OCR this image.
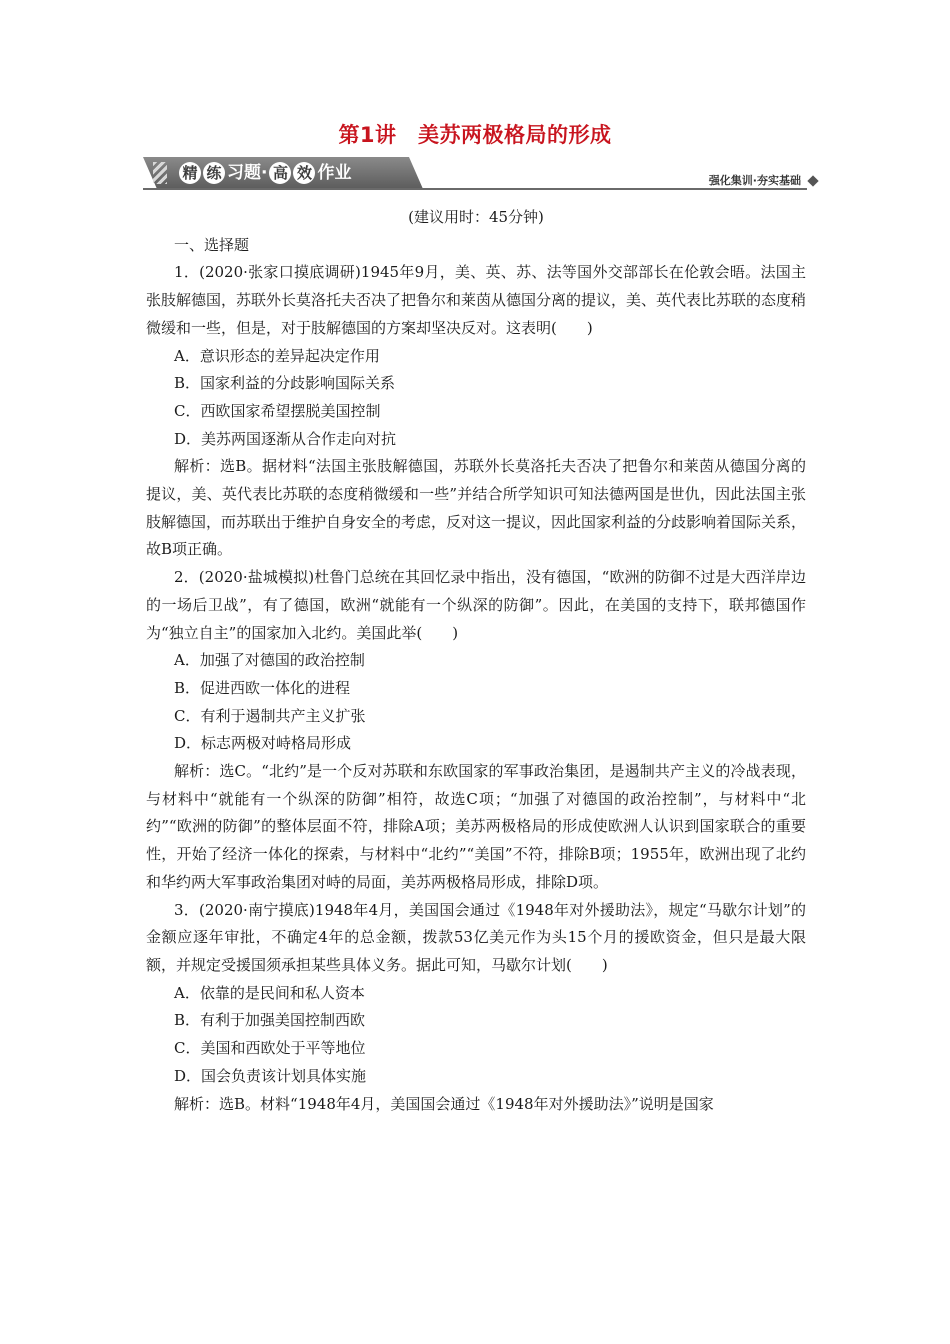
第1讲　美苏两极格局的形成
精 练 习题· 高 效 作业	强化集训·夯实基础

(建议用时：45分钟)

一、选择题

1．(2020·张家口摸底调研)1945年9月，美、英、苏、法等国外交部部长在伦敦会晤。法国主张肢解德国，苏联外长莫洛托夫否决了把鲁尔和莱茵从德国分离的提议，美、英代表比苏联的态度稍微缓和一些，但是，对于肢解德国的方案却坚决反对。这表明(　　)

A．意识形态的差异起决定作用

B．国家利益的分歧影响国际关系

C．西欧国家希望摆脱美国控制

D．美苏两国逐渐从合作走向对抗

解析：选B。据材料“法国主张肢解德国，苏联外长莫洛托夫否决了把鲁尔和莱茵从德国分离的提议，美、英代表比苏联的态度稍微缓和一些”并结合所学知识可知法德两国是世仇，因此法国主张肢解德国，而苏联出于维护自身安全的考虑，反对这一提议，因此国家利益的分歧影响着国际关系，故B项正确。

2．(2020·盐城模拟)杜鲁门总统在其回忆录中指出，没有德国，“欧洲的防御不过是大西洋岸边的一场后卫战”，有了德国，欧洲“就能有一个纵深的防御”。因此，在美国的支持下，联邦德国作为“独立自主”的国家加入北约。美国此举(　　)

A．加强了对德国的政治控制

B．促进西欧一体化的进程

C．有利于遏制共产主义扩张

D．标志两极对峙格局形成

解析：选C。“北约”是一个反对苏联和东欧国家的军事政治集团，是遏制共产主义的冷战表现，与材料中“就能有一个纵深的防御”相符，故选C项；“加强了对德国的政治控制”，与材料中“北约”“欧洲的防御”的整体层面不符，排除A项；美苏两极格局的形成使欧洲人认识到国家联合的重要性，开始了经济一体化的探索，与材料中“北约”“美国”不符，排除B项；1955年，欧洲出现了北约和华约两大军事政治集团对峙的局面，美苏两极格局形成，排除D项。

3．(2020·南宁摸底)1948年4月，美国国会通过《1948年对外援助法》，规定“马歇尔计划”的金额应逐年审批，不确定4年的总金额，拨款53亿美元作为头15个月的援欧资金，但只是最大限额，并规定受援国须承担某些具体义务。据此可知，马歇尔计划(　　)

A．依靠的是民间和私人资本

B．有利于加强美国控制西欧

C．美国和西欧处于平等地位

D．国会负责该计划具体实施

解析：选B。材料“1948年4月，美国国会通过《1948年对外援助法》”说明是国家
